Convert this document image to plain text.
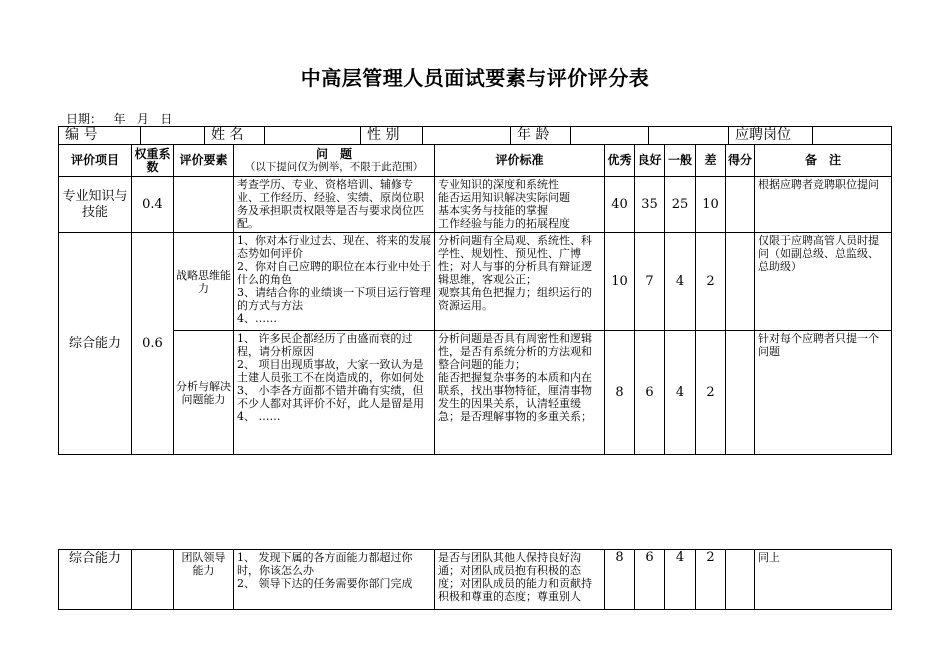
中高层管理人员面试要素与评价评分表
日期：   年   月   日
编 号		姓 名		性 别		年 龄			应聘岗位	
评价项目	权重系数	评价要素	问　题
（以下提问仅为例举，不限于此范围）	评价标准	优秀	良好	一般	差	得分	备　注
专业知识与技能	0.4		考查学历、专业、资格培训、辅修专业、工作经历、经验、实绩、原岗位职务及承担职责权限等是否与要求岗位匹配。	专业知识的深度和系统性
能否运用知识解决实际问题
基本实务与技能的掌握
工作经验与能力的拓展程度	40	35	25	10		根据应聘者竞聘职位提问
综合能力	0.6	战略思维能力	1、你对本行业过去、现在、将来的发展态势如何评价
2、你对自己应聘的职位在本行业中处于什么的角色
3、请结合你的业绩谈一下项目运行管理的方式与方法
4、……	分析问题有全局观、系统性、科学性、规划性、预见性、广博性；对人与事的分析具有辩证逻辑思维，客观公正；
观察其角色把握力；组织运行的资源运用。	10	7	4	2		仅限于应聘高管人员时提问（如副总级、总监级、总助级）
		分析与解决问题能力	1、 许多民企都经历了由盛而衰的过程，请分析原因
2、 项目出现质事故，大家一致认为是土建人员张工不在岗造成的，你如何处
3、 小李各方面都不错并确有实绩，但不少人都对其评价不好，此人是留是用
4、 ……	分析问题是否具有周密性和逻辑性，是否有系统分析的方法观和整合问题的能力；
能否把握复杂事务的本质和内在联系，找出事物特征，厘清事物发生的因果关系，认清轻重缓急；是否理解事物的多重关系；	8	6	4	2		针对每个应聘者只提一个问题
综合能力		团队领导能力	1、 发现下属的各方面能力都超过你时，你该怎么办
2、 领导下达的任务需要你部门完成	是否与团队其他人保持良好沟通；对团队成员抱有积极的态度；对团队成员的能力和贡献持积极和尊重的态度；尊重别人	8	6	4	2		同上
